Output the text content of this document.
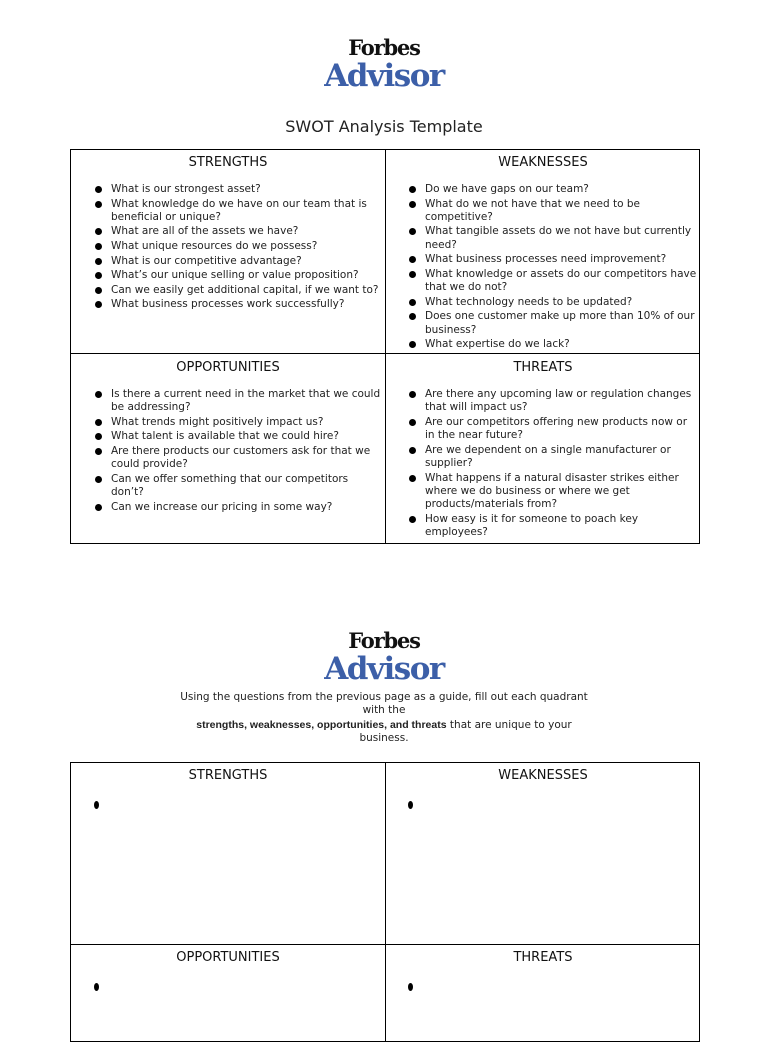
Forbes
Advisor
SWOT Analysis Template
STRENGTHS
What is our strongest asset?
What knowledge do we have on our team that is beneficial or unique?
What are all of the assets we have?
What unique resources do we possess?
What is our competitive advantage?
What’s our unique selling or value proposition?
Can we easily get additional capital, if we want to?
What business processes work successfully?
WEAKNESSES
Do we have gaps on our team?
What do we not have that we need to be competitive?
What tangible assets do we not have but currently need?
What business processes need improvement?
What knowledge or assets do our competitors have that we do not?
What technology needs to be updated?
Does one customer make up more than 10% of our business?
What expertise do we lack?
OPPORTUNITIES
Is there a current need in the market that we could be addressing?
What trends might positively impact us?
What talent is available that we could hire?
Are there products our customers ask for that we could provide?
Can we offer something that our competitors don’t?
Can we increase our pricing in some way?
THREATS
Are there any upcoming law or regulation changes that will impact us?
Are our competitors offering new products now or in the near future?
Are we dependent on a single manufacturer or supplier?
What happens if a natural disaster strikes either where we do business or where we get products/materials from?
How easy is it for someone to poach key employees?
Forbes
Advisor
Using the questions from the previous page as a guide, fill out each quadrant with the
strengths, weaknesses, opportunities, and threats that are unique to your business.
STRENGTHS	WEAKNESSES
OPPORTUNITIES	THREATS
